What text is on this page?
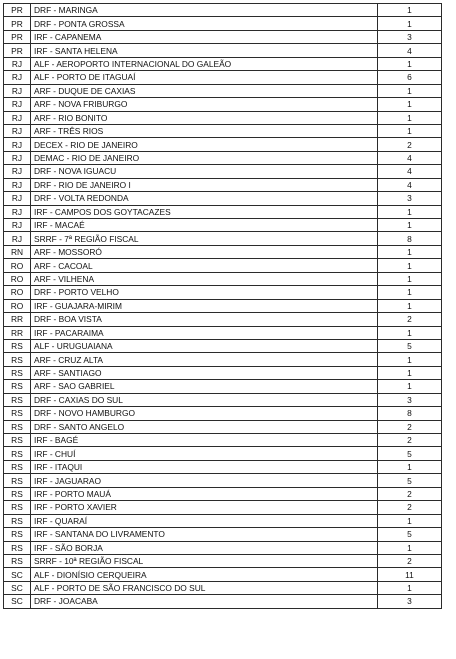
PR	DRF - MARINGA	1
PR	DRF - PONTA GROSSA	1
PR	IRF - CAPANEMA	3
PR	IRF - SANTA HELENA	4
RJ	ALF - AEROPORTO INTERNACIONAL DO GALEÃO	1
RJ	ALF - PORTO DE ITAGUAÍ	6
RJ	ARF - DUQUE DE CAXIAS	1
RJ	ARF - NOVA FRIBURGO	1
RJ	ARF - RIO BONITO	1
RJ	ARF - TRÊS RIOS	1
RJ	DECEX - RIO DE JANEIRO	2
RJ	DEMAC - RIO DE JANEIRO	4
RJ	DRF - NOVA IGUACU	4
RJ	DRF - RIO DE JANEIRO I	4
RJ	DRF - VOLTA REDONDA	3
RJ	IRF - CAMPOS DOS GOYTACAZES	1
RJ	IRF - MACAÉ	1
RJ	SRRF - 7ª REGIÃO FISCAL	8
RN	ARF - MOSSORÓ	1
RO	ARF - CACOAL	1
RO	ARF - VILHENA	1
RO	DRF - PORTO VELHO	1
RO	IRF - GUAJARA-MIRIM	1
RR	DRF - BOA VISTA	2
RR	IRF - PACARAIMA	1
RS	ALF - URUGUAIANA	5
RS	ARF - CRUZ ALTA	1
RS	ARF - SANTIAGO	1
RS	ARF - SAO GABRIEL	1
RS	DRF - CAXIAS DO SUL	3
RS	DRF - NOVO HAMBURGO	8
RS	DRF - SANTO ANGELO	2
RS	IRF - BAGÉ	2
RS	IRF - CHUÍ	5
RS	IRF - ITAQUI	1
RS	IRF - JAGUARAO	5
RS	IRF - PORTO MAUÁ	2
RS	IRF - PORTO XAVIER	2
RS	IRF - QUARAÍ	1
RS	IRF - SANTANA DO LIVRAMENTO	5
RS	IRF - SÃO BORJA	1
RS	SRRF - 10ª REGIÃO FISCAL	2
SC	ALF - DIONÍSIO CERQUEIRA	11
SC	ALF - PORTO DE SÃO FRANCISCO DO SUL	1
SC	DRF - JOACABA	3
